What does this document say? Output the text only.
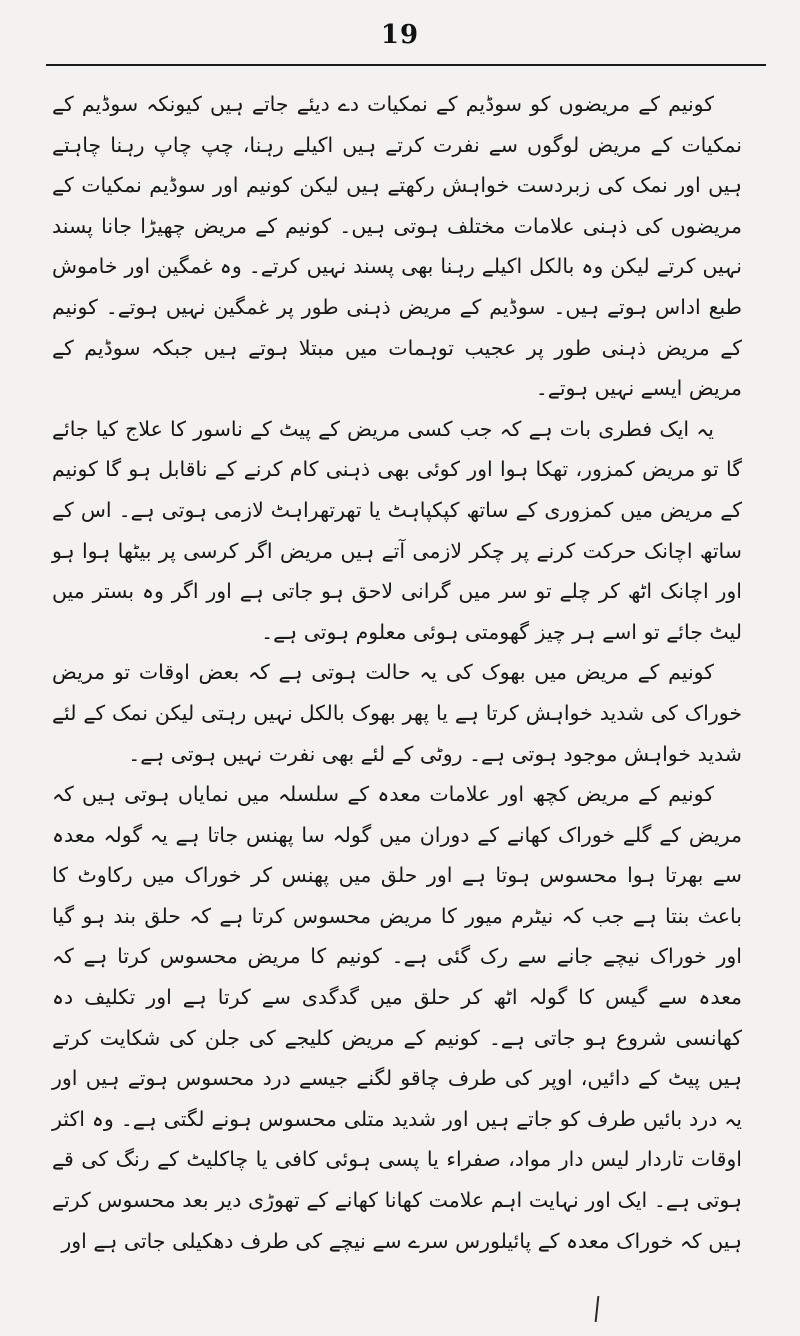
19

کونیم کے مریضوں کو سوڈیم کے نمکیات دے دیئے جاتے ہیں کیونکہ سوڈیم کے نمکیات کے مریض لوگوں سے نفرت کرتے ہیں اکیلے رہنا، چپ چاپ رہنا چاہتے ہیں اور نمک کی زبردست خواہش رکھتے ہیں لیکن کونیم اور سوڈیم نمکیات کے مریضوں کی ذہنی علامات مختلف ہوتی ہیں۔ کونیم کے مریض چھیڑا جانا پسند نہیں کرتے لیکن وہ بالکل اکیلے رہنا بھی پسند نہیں کرتے۔ وہ غمگین اور خاموش طبع اداس ہوتے ہیں۔ سوڈیم کے مریض ذہنی طور پر غمگین نہیں ہوتے۔ کونیم کے مریض ذہنی طور پر عجیب توہمات میں مبتلا ہوتے ہیں جبکہ سوڈیم کے مریض ایسے نہیں ہوتے۔

یہ ایک فطری بات ہے کہ جب کسی مریض کے پیٹ کے ناسور کا علاج کیا جائے گا تو مریض کمزور، تھکا ہوا اور کوئی بھی ذہنی کام کرنے کے ناقابل ہو گا کونیم کے مریض میں کمزوری کے ساتھ کپکپاہٹ یا تھرتھراہٹ لازمی ہوتی ہے۔ اس کے ساتھ اچانک حرکت کرنے پر چکر لازمی آتے ہیں مریض اگر کرسی پر بیٹھا ہوا ہو اور اچانک اٹھ کر چلے تو سر میں گرانی لاحق ہو جاتی ہے اور اگر وہ بستر میں لیٹ جائے تو اسے ہر چیز گھومتی ہوئی معلوم ہوتی ہے۔

کونیم کے مریض میں بھوک کی یہ حالت ہوتی ہے کہ بعض اوقات تو مریض خوراک کی شدید خواہش کرتا ہے یا پھر بھوک بالکل نہیں رہتی لیکن نمک کے لئے شدید خواہش موجود ہوتی ہے۔ روٹی کے لئے بھی نفرت نہیں ہوتی ہے۔

کونیم کے مریض کچھ اور علامات معدہ کے سلسلہ میں نمایاں ہوتی ہیں کہ مریض کے گلے خوراک کھانے کے دوران میں گولہ سا پھنس جاتا ہے یہ گولہ معدہ سے بھرتا ہوا محسوس ہوتا ہے اور حلق میں پھنس کر خوراک میں رکاوٹ کا باعث بنتا ہے جب کہ نیٹرم میور کا مریض محسوس کرتا ہے کہ حلق بند ہو گیا اور خوراک نیچے جانے سے رک گئی ہے۔ کونیم کا مریض محسوس کرتا ہے کہ معدہ سے گیس کا گولہ اٹھ کر حلق میں گدگدی سے کرتا ہے اور تکلیف دہ کھانسی شروع ہو جاتی ہے۔ کونیم کے مریض کلیجے کی جلن کی شکایت کرتے ہیں پیٹ کے دائیں، اوپر کی طرف چاقو لگنے جیسے درد محسوس ہوتے ہیں اور یہ درد بائیں طرف کو جاتے ہیں اور شدید متلی محسوس ہونے لگتی ہے۔ وہ اکثر اوقات تاردار لیس دار مواد، صفراء یا پسی ہوئی کافی یا چاکلیٹ کے رنگ کی قے ہوتی ہے۔ ایک اور نہایت اہم علامت کھانا کھانے کے تھوڑی دیر بعد محسوس کرتے ہیں کہ خوراک معدہ کے پائیلورس سرے سے نیچے کی طرف دھکیلی جاتی ہے اور
